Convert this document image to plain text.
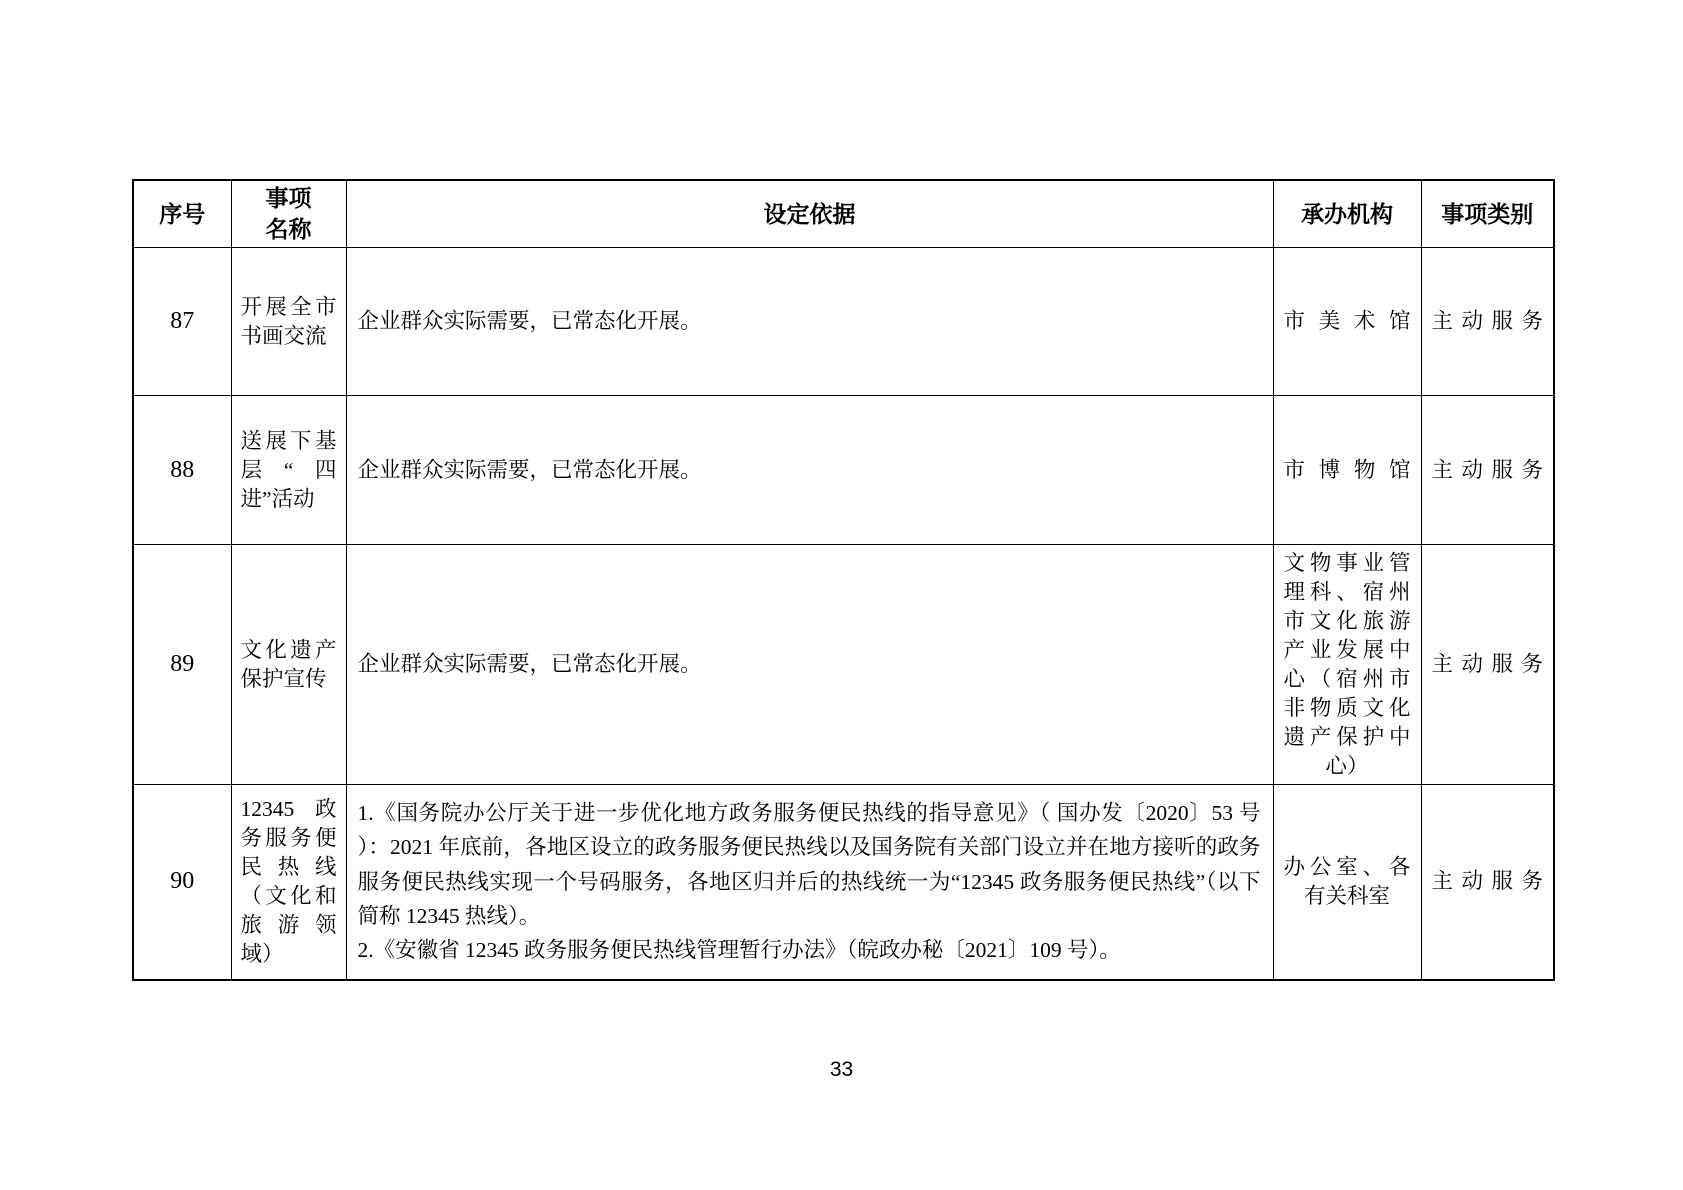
序号	事项名称	设定依据	承办机构	事项类别
87	开展全市书画交流	企业群众实际需要，已常态化开展。	市美术馆	主动服务
88	送展下基层“四进”活动	企业群众实际需要，已常态化开展。	市博物馆	主动服务
89	文化遗产保护宣传	企业群众实际需要，已常态化开展。	文物事业管理科、宿州市文化旅游产业发展中心（宿州市非物质文化遗产保护中心）	主动服务
90	12345 政务服务便民热线（文化和旅游领域）	1.《国务院办公厅关于进一步优化地方政务服务便民热线的指导意见》（ 国办发〔2020〕53 号 ）：2021 年底前，各地区设立的政务服务便民热线以及国务院有关部门设立并在地方接听的政务服务便民热线实现一个号码服务，各地区归并后的热线统一为“12345 政务服务便民热线”（以下简称 12345 热线）。

2.《安徽省 12345 政务服务便民热线管理暂行办法》（皖政办秘〔2021〕109 号）。	办公室、各有关科室	主动服务
33
